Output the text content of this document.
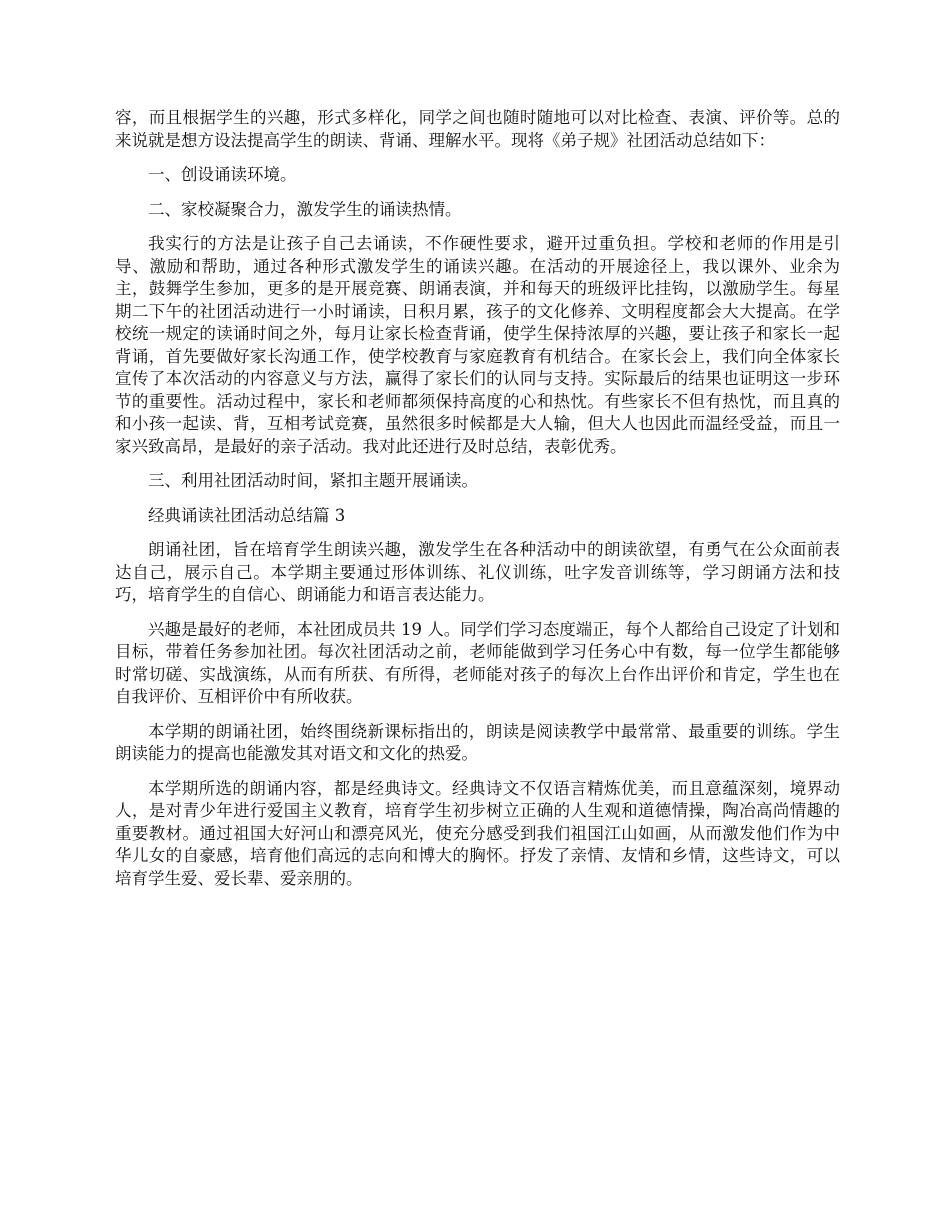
容，而且根据学生的兴趣，形式多样化，同学之间也随时随地可以对比检查、表演、评价等。总的来说就是想方设法提高学生的朗读、背诵、理解水平。现将《弟子规》社团活动总结如下：

一、创设诵读环境。

二、家校凝聚合力，激发学生的诵读热情。

我实行的方法是让孩子自己去诵读，不作硬性要求，避开过重负担。学校和老师的作用是引导、激励和帮助，通过各种形式激发学生的诵读兴趣。在活动的开展途径上，我以课外、业余为主，鼓舞学生参加，更多的是开展竞赛、朗诵表演，并和每天的班级评比挂钩，以激励学生。每星期二下午的社团活动进行一小时诵读，日积月累，孩子的文化修养、文明程度都会大大提高。在学校统一规定的读诵时间之外，每月让家长检查背诵，使学生保持浓厚的兴趣，要让孩子和家长一起背诵，首先要做好家长沟通工作，使学校教育与家庭教育有机结合。在家长会上，我们向全体家长宣传了本次活动的内容意义与方法，赢得了家长们的认同与支持。实际最后的结果也证明这一步环节的重要性。活动过程中，家长和老师都须保持高度的心和热忱。有些家长不但有热忱，而且真的和小孩一起读、背，互相考试竞赛，虽然很多时候都是大人输，但大人也因此而温经受益，而且一家兴致高昂，是最好的亲子活动。我对此还进行及时总结，表彰优秀。

三、利用社团活动时间，紧扣主题开展诵读。

经典诵读社团活动总结篇 3

朗诵社团，旨在培育学生朗读兴趣，激发学生在各种活动中的朗读欲望，有勇气在公众面前表达自己，展示自己。本学期主要通过形体训练、礼仪训练，吐字发音训练等，学习朗诵方法和技巧，培育学生的自信心、朗诵能力和语言表达能力。

兴趣是最好的老师，本社团成员共 19 人。同学们学习态度端正，每个人都给自己设定了计划和目标，带着任务参加社团。每次社团活动之前，老师能做到学习任务心中有数，每一位学生都能够时常切磋、实战演练，从而有所获、有所得，老师能对孩子的每次上台作出评价和肯定，学生也在自我评价、互相评价中有所收获。

本学期的朗诵社团，始终围绕新课标指出的，朗读是阅读教学中最常常、最重要的训练。学生朗读能力的提高也能激发其对语文和文化的热爱。

本学期所选的朗诵内容，都是经典诗文。经典诗文不仅语言精炼优美，而且意蕴深刻，境界动人，是对青少年进行爱国主义教育，培育学生初步树立正确的人生观和道德情操，陶冶高尚情趣的重要教材。通过祖国大好河山和漂亮风光，使充分感受到我们祖国江山如画，从而激发他们作为中华儿女的自豪感，培育他们高远的志向和博大的胸怀。抒发了亲情、友情和乡情，这些诗文，可以培育学生爱、爱长辈、爱亲朋的。
